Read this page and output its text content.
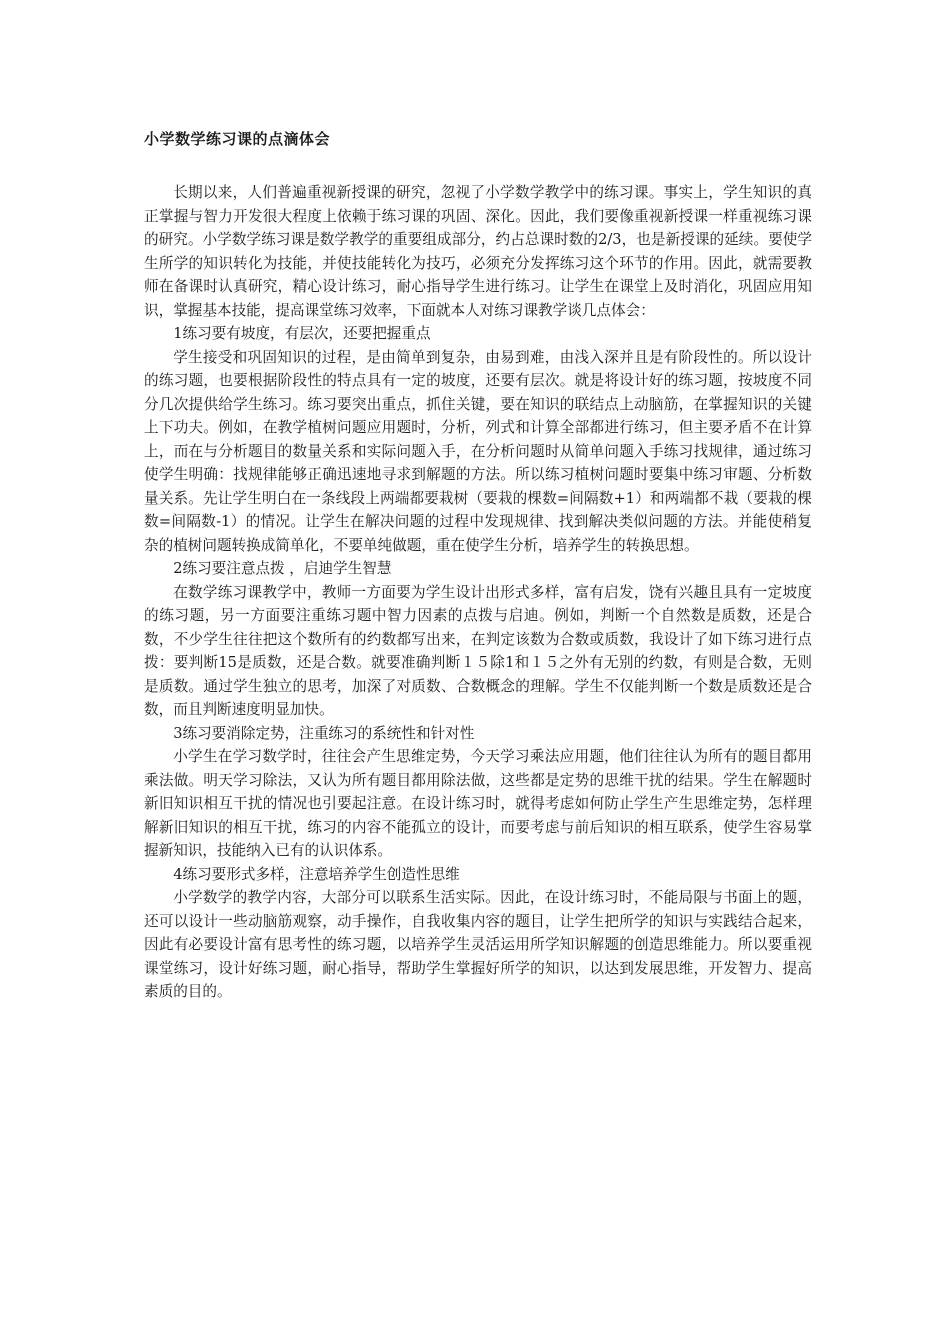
小学数学练习课的点滴体会

长期以来，人们普遍重视新授课的研究，忽视了小学数学教学中的练习课。事实上，学生知识的真正掌握与智力开发很大程度上依赖于练习课的巩固、深化。因此，我们要像重视新授课一样重视练习课的研究。小学数学练习课是数学教学的重要组成部分，约占总课时数的2/3，也是新授课的延续。要使学生所学的知识转化为技能，并使技能转化为技巧，必须充分发挥练习这个环节的作用。因此，就需要教师在备课时认真研究，精心设计练习，耐心指导学生进行练习。让学生在课堂上及时消化，巩固应用知识，掌握基本技能，提高课堂练习效率，下面就本人对练习课教学谈几点体会：

1练习要有坡度，有层次，还要把握重点

学生接受和巩固知识的过程，是由简单到复杂，由易到难，由浅入深并且是有阶段性的。所以设计的练习题，也要根据阶段性的特点具有一定的坡度，还要有层次。就是将设计好的练习题，按坡度不同分几次提供给学生练习。练习要突出重点，抓住关键，要在知识的联结点上动脑筋，在掌握知识的关键上下功夫。例如，在教学植树问题应用题时，分析，列式和计算全部都进行练习，但主要矛盾不在计算上，而在与分析题目的数量关系和实际问题入手，在分析问题时从简单问题入手练习找规律，通过练习使学生明确：找规律能够正确迅速地寻求到解题的方法。所以练习植树问题时要集中练习审题、分析数量关系。先让学生明白在一条线段上两端都要栽树（要栽的棵数=间隔数+1）和两端都不栽（要栽的棵数=间隔数-1）的情况。让学生在解决问题的过程中发现规律、找到解决类似问题的方法。并能使稍复杂的植树问题转换成简单化，不要单纯做题，重在使学生分析，培养学生的转换思想。

2练习要注意点拨 ，启迪学生智慧

在数学练习课教学中，教师一方面要为学生设计出形式多样，富有启发，饶有兴趣且具有一定坡度的练习题，另一方面要注重练习题中智力因素的点拨与启迪。例如，判断一个自然数是质数，还是合数，不少学生往往把这个数所有的约数都写出来，在判定该数为合数或质数，我设计了如下练习进行点拨：要判断15是质数，还是合数。就要准确判断１５除1和１５之外有无别的约数，有则是合数，无则是质数。通过学生独立的思考，加深了对质数、合数概念的理解。学生不仅能判断一个数是质数还是合数，而且判断速度明显加快。

3练习要消除定势，注重练习的系统性和针对性

小学生在学习数学时，往往会产生思维定势，今天学习乘法应用题，他们往往认为所有的题目都用乘法做。明天学习除法，又认为所有题目都用除法做，这些都是定势的思维干扰的结果。学生在解题时新旧知识相互干扰的情况也引要起注意。在设计练习时，就得考虑如何防止学生产生思维定势，怎样理解新旧知识的相互干扰，练习的内容不能孤立的设计，而要考虑与前后知识的相互联系，使学生容易掌握新知识，技能纳入已有的认识体系。

4练习要形式多样，注意培养学生创造性思维

小学数学的教学内容，大部分可以联系生活实际。因此，在设计练习时，不能局限与书面上的题，还可以设计一些动脑筋观察，动手操作，自我收集内容的题目，让学生把所学的知识与实践结合起来，因此有必要设计富有思考性的练习题，以培养学生灵活运用所学知识解题的创造思维能力。所以要重视课堂练习，设计好练习题，耐心指导，帮助学生掌握好所学的知识，以达到发展思维，开发智力、提高素质的目的。
